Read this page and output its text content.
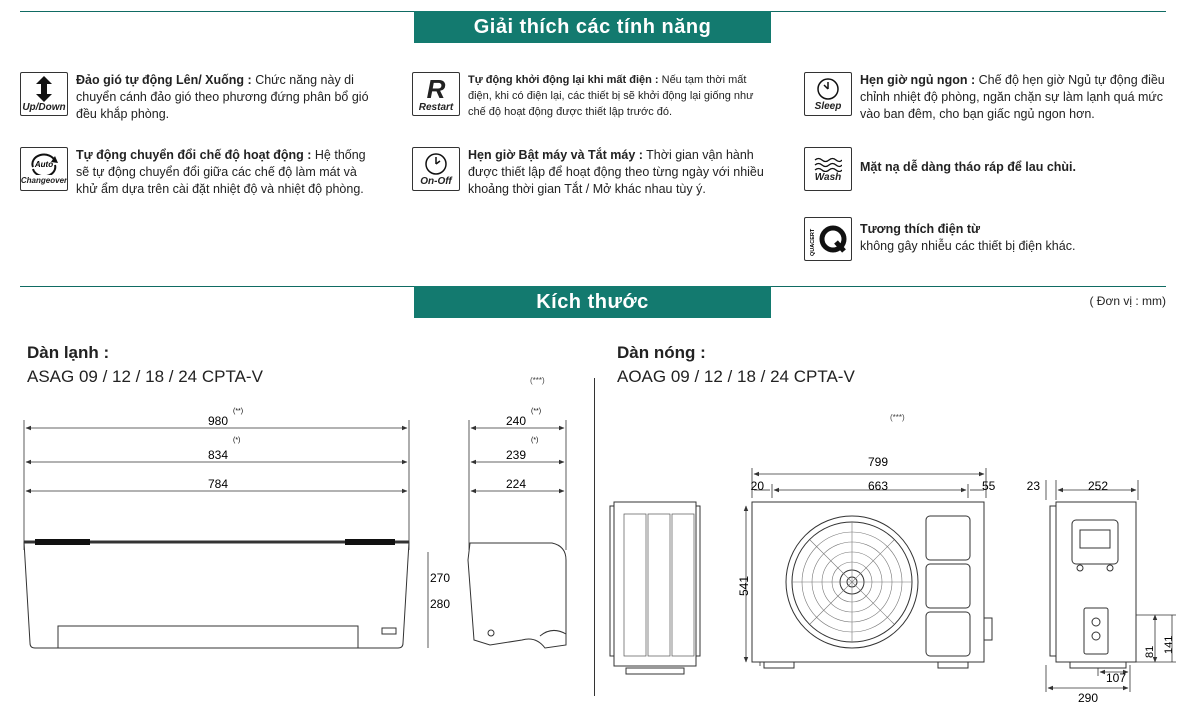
Giải thích các tính năng
Up/Down
Đảo gió tự động Lên/ Xuống : Chức năng này di chuyển cánh đảo gió theo phương đứng phân bổ gió đều khắp phòng.
R
Restart
Tự động khởi động lại khi mất điện : Nếu tạm thời mất điện, khi có điện lại, các thiết bị sẽ khởi động lại giống như chế độ hoạt động được thiết lập trước đó.	Sleep
Hẹn giờ ngủ ngon : Chế độ hẹn giờ Ngủ tự động điều chỉnh nhiệt độ phòng, ngăn chặn sự làm lạnh quá mức vào ban đêm, cho bạn giấc ngủ ngon hơn.
Auto
Changeover
Tự động chuyển đổi chế độ hoạt động : Hệ thống sẽ tự động chuyển đổi giữa các chế độ làm mát và khử ẩm dựa trên cài đặt nhiệt độ và nhiệt độ phòng.
On-Off
Hẹn giờ Bật máy và Tắt máy : Thời gian vận hành được thiết lập để hoạt động theo từng ngày với nhiều khoảng thời gian Tắt / Mở khác nhau tùy ý.
Wash
Mặt nạ dễ dàng tháo ráp để lau chùi.
QUACERT	Tương thích điện từ
không gây nhiễu các thiết bị điện khác.
Kích thước	( Đơn vị : mm)
Dàn lạnh :
ASAG 09 / 12 / 18 / 24 CPTA-V	(***)
Dàn nóng :
AOAG 09 / 12 / 18 / 24 CPTA-V
(***)
980
(**)
834
(*)
784
240
(**)
239
(*)
224
270
280
799
20	663	55
541
23	252
290
107
81 141
